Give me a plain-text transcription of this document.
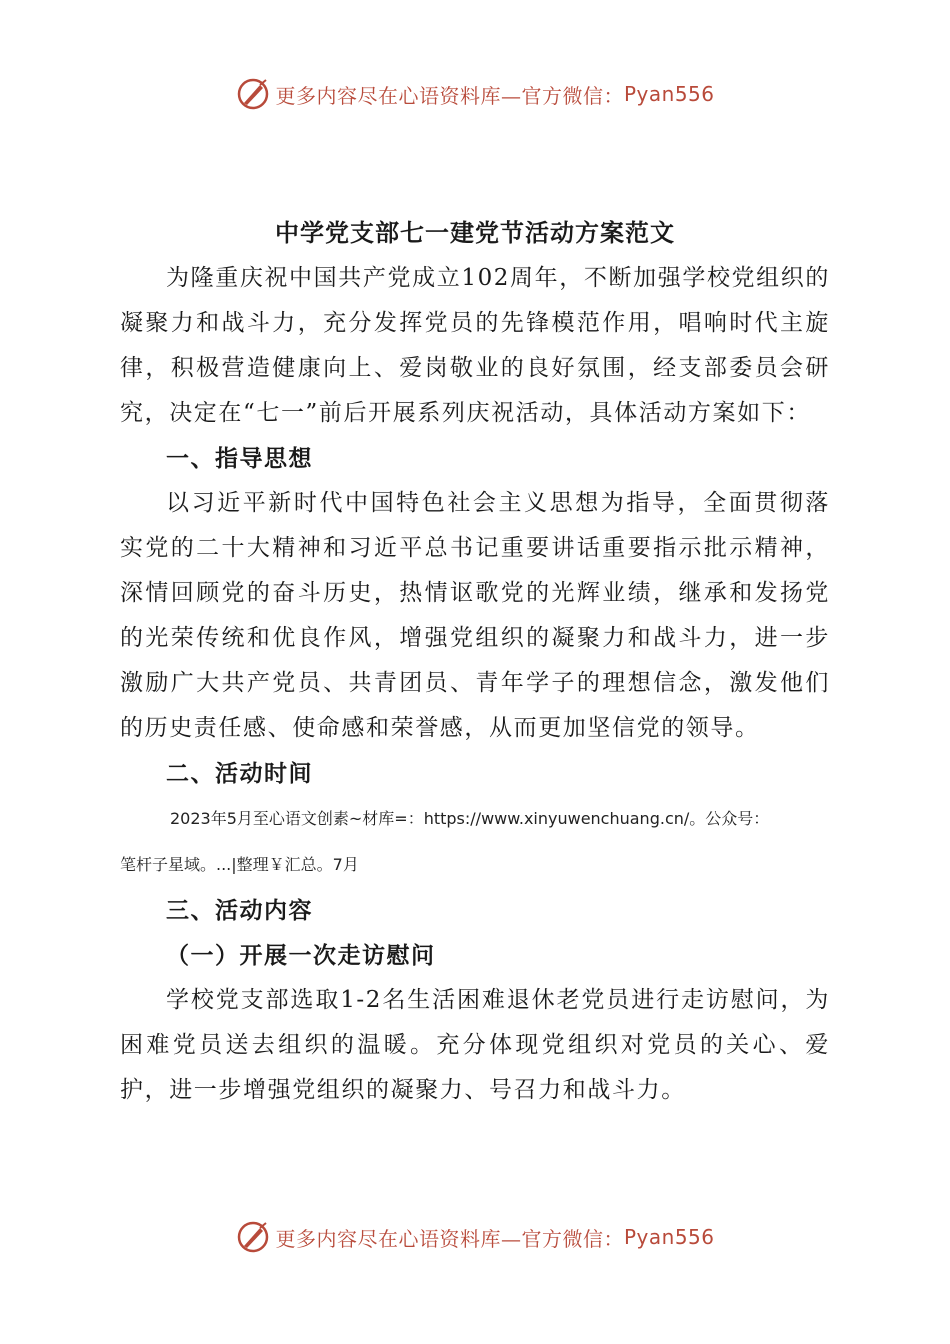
更多内容尽在心语资料库—官方微信： Pyan556
中学党支部七一建党节活动方案范文

为隆重庆祝中国共产党成立102周年，不断加强学校党组织的凝聚力和战斗力，充分发挥党员的先锋模范作用，唱响时代主旋律，积极营造健康向上、爱岗敬业的良好氛围，经支部委员会研究，决定在“七一”前后开展系列庆祝活动，具体活动方案如下：

一、指导思想

以习近平新时代中国特色社会主义思想为指导，全面贯彻落实党的二十大精神和习近平总书记重要讲话重要指示批示精神，深情回顾党的奋斗历史，热情讴歌党的光辉业绩，继承和发扬党的光荣传统和优良作风，增强党组织的凝聚力和战斗力，进一步激励广大共产党员、共青团员、青年学子的理想信念，激发他们的历史责任感、使命感和荣誉感，从而更加坚信党的领导。

二、活动时间

2023年5月至心语文创素~材库=：https://www.xinyuwenchuang.cn/。公众号：

笔杆子星域。...|整理￥汇总。7月

三、活动内容

（一）开展一次走访慰问

学校党支部选取1-2名生活困难退休老党员进行走访慰问，为困难党员送去组织的温暖。充分体现党组织对党员的关心、爱护，进一步增强党组织的凝聚力、号召力和战斗力。

更多内容尽在心语资料库—官方微信： Pyan556
